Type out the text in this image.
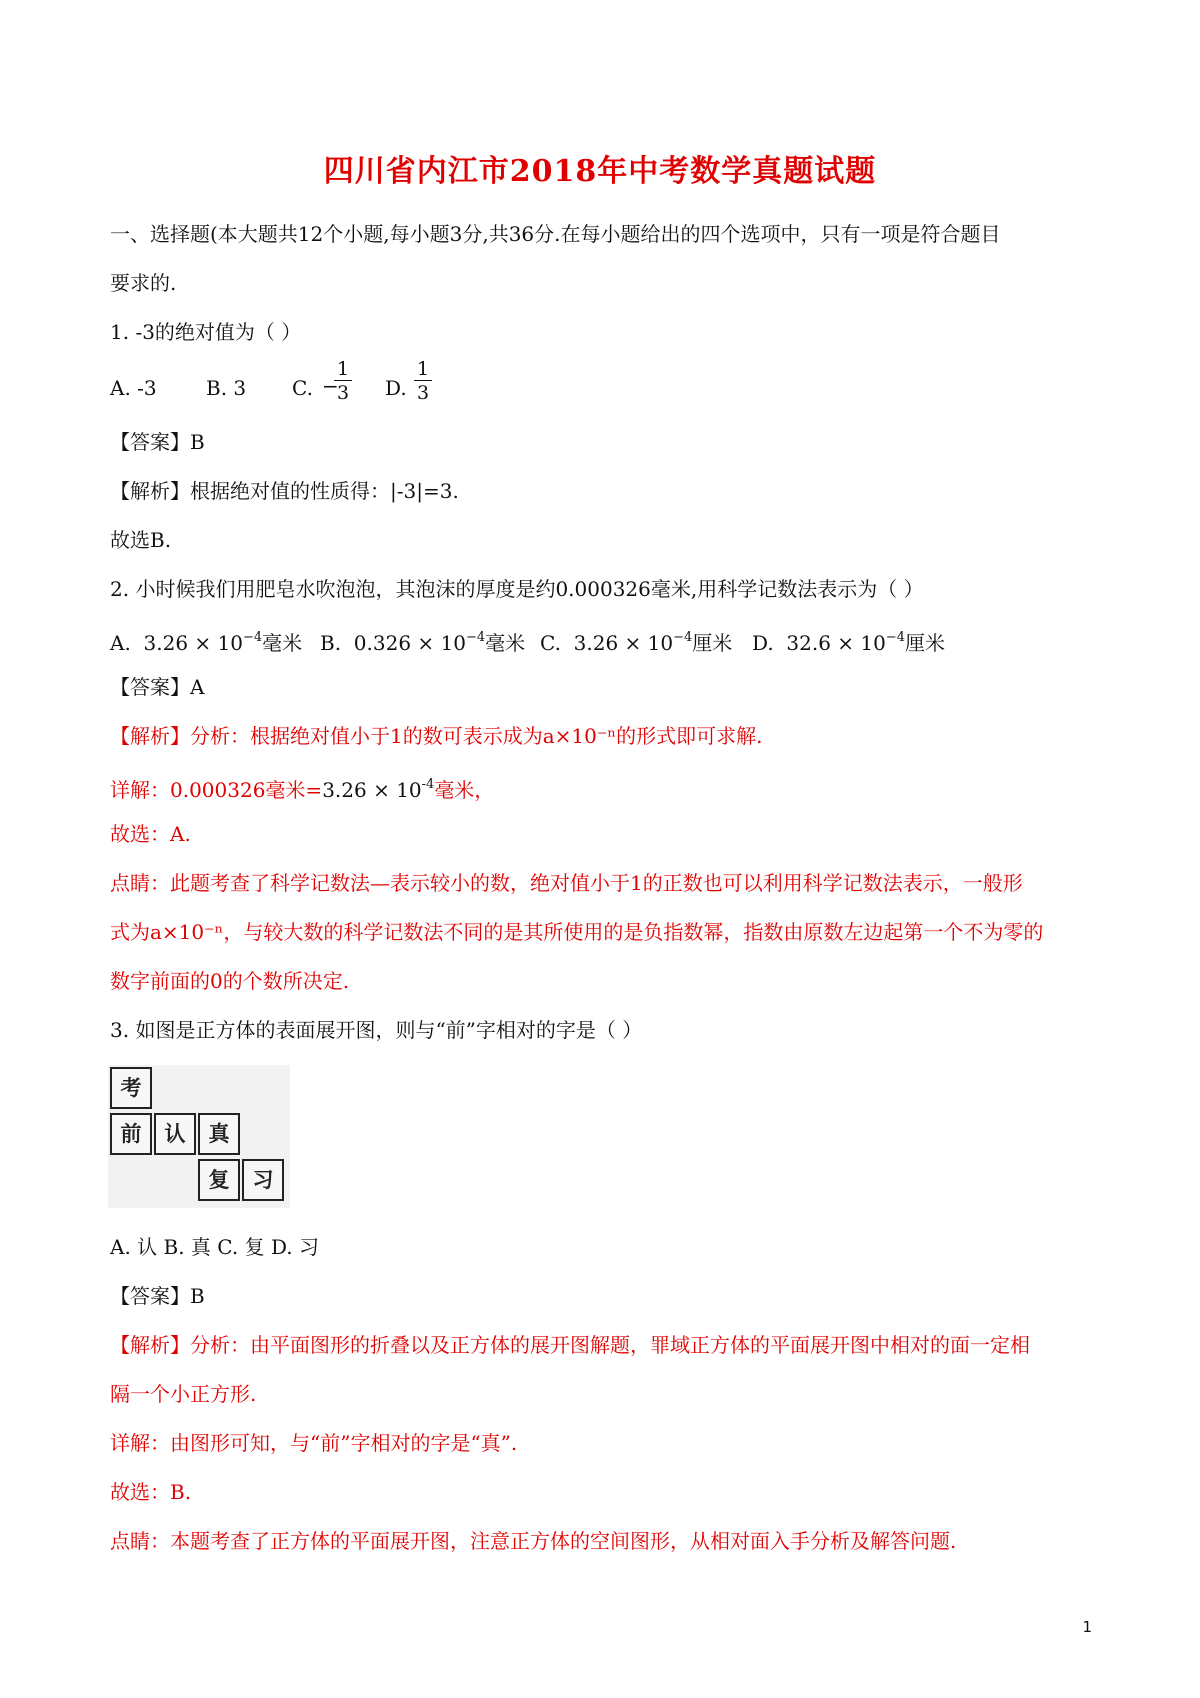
四川省内江市2018年中考数学真题试题
一、选择题(本大题共12个小题,每小题3分,共36分.在每小题给出的四个选项中，只有一项是符合题目
要求的.
1. -3的绝对值为（ ）
A. -3 B. 3 C. −
1
3 D.
1
3
【答案】B
【解析】根据绝对值的性质得：|-3|=3.
故选B.
2. 小时候我们用肥皂水吹泡泡，其泡沫的厚度是约0.000326毫米,用科学记数法表示为（ ）
A. $3.26 \times 10^{-4}$毫米 B. $0.326 \times 10^{-4}$毫米 C. $3.26 \times 10^{-4}$厘米 D. $32.6 \times 10^{-4}$厘米
【答案】A
【解析】分析：根据绝对值小于1的数可表示成为a×10⁻ⁿ的形式即可求解.
详解：0.000326毫米$=3.26 \times 10^{-4}$毫米，
故选：A.
点睛：此题考查了科学记数法—表示较小的数，绝对值小于1的正数也可以利用科学记数法表示，一般形
式为a×10⁻ⁿ，与较大数的科学记数法不同的是其所使用的是负指数幂，指数由原数左边起第一个不为零的
数字前面的0的个数所决定.
3. 如图是正方体的表面展开图，则与“前”字相对的字是（ ）
考
前	认	真
复	习
A. 认 B. 真 C. 复 D. 习
【答案】B
【解析】分析：由平面图形的折叠以及正方体的展开图解题，罪域正方体的平面展开图中相对的面一定相
隔一个小正方形.
详解：由图形可知，与“前”字相对的字是“真”.
故选：B.
点睛：本题考查了正方体的平面展开图，注意正方体的空间图形，从相对面入手分析及解答问题.
1
